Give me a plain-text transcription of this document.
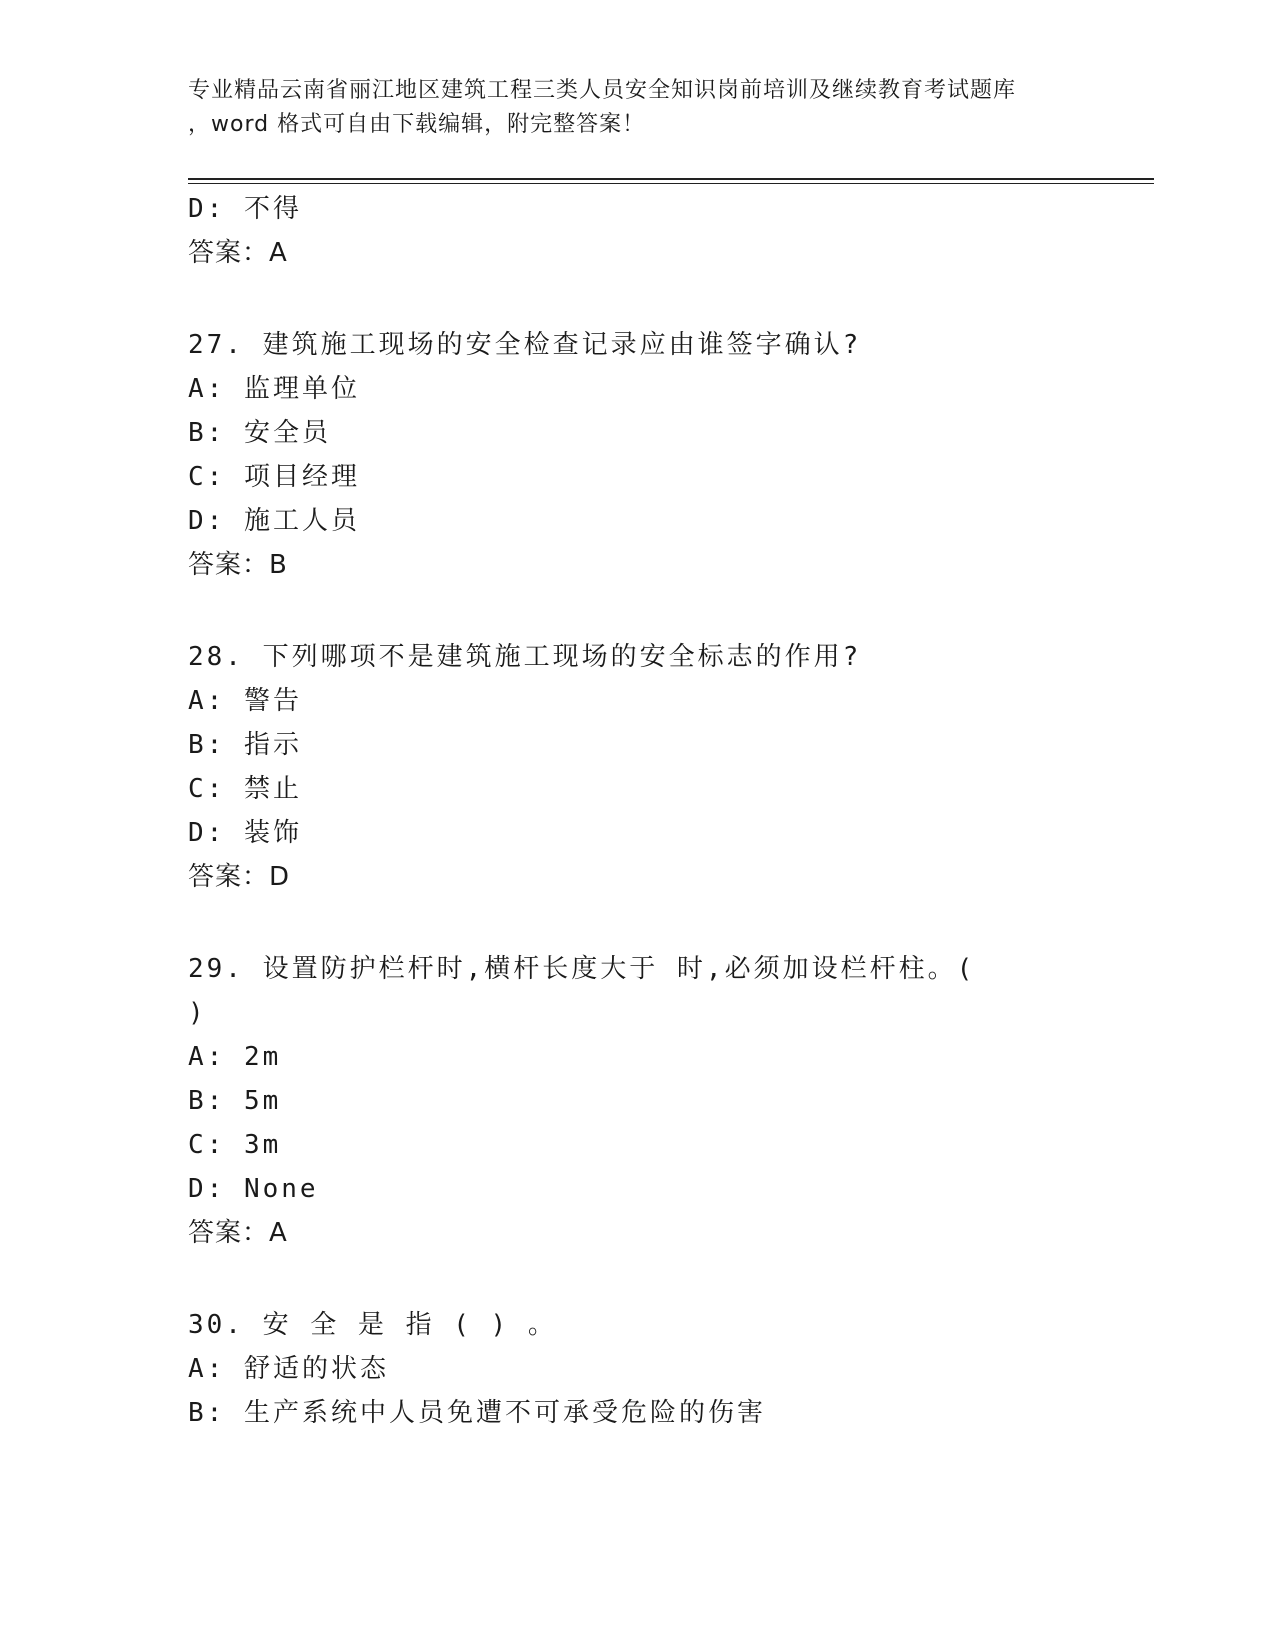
专业精品云南省丽江地区建筑工程三类人员安全知识岗前培训及继续教育考试题库
，word 格式可自由下载编辑，附完整答案！
D: 不得
答案：A
27. 建筑施工现场的安全检查记录应由谁签字确认?
A: 监理单位
B: 安全员
C: 项目经理
D: 施工人员
答案：B
28. 下列哪项不是建筑施工现场的安全标志的作用?
A: 警告
B: 指示
C: 禁止
D: 装饰
答案：D
29. 设置防护栏杆时,横杆长度大于 时,必须加设栏杆柱。(
)
A: 2m
B: 5m
C: 3m
D: None
答案：A
30. 安 全 是 指 ( ) 。
A: 舒适的状态
B: 生产系统中人员免遭不可承受危险的伤害
